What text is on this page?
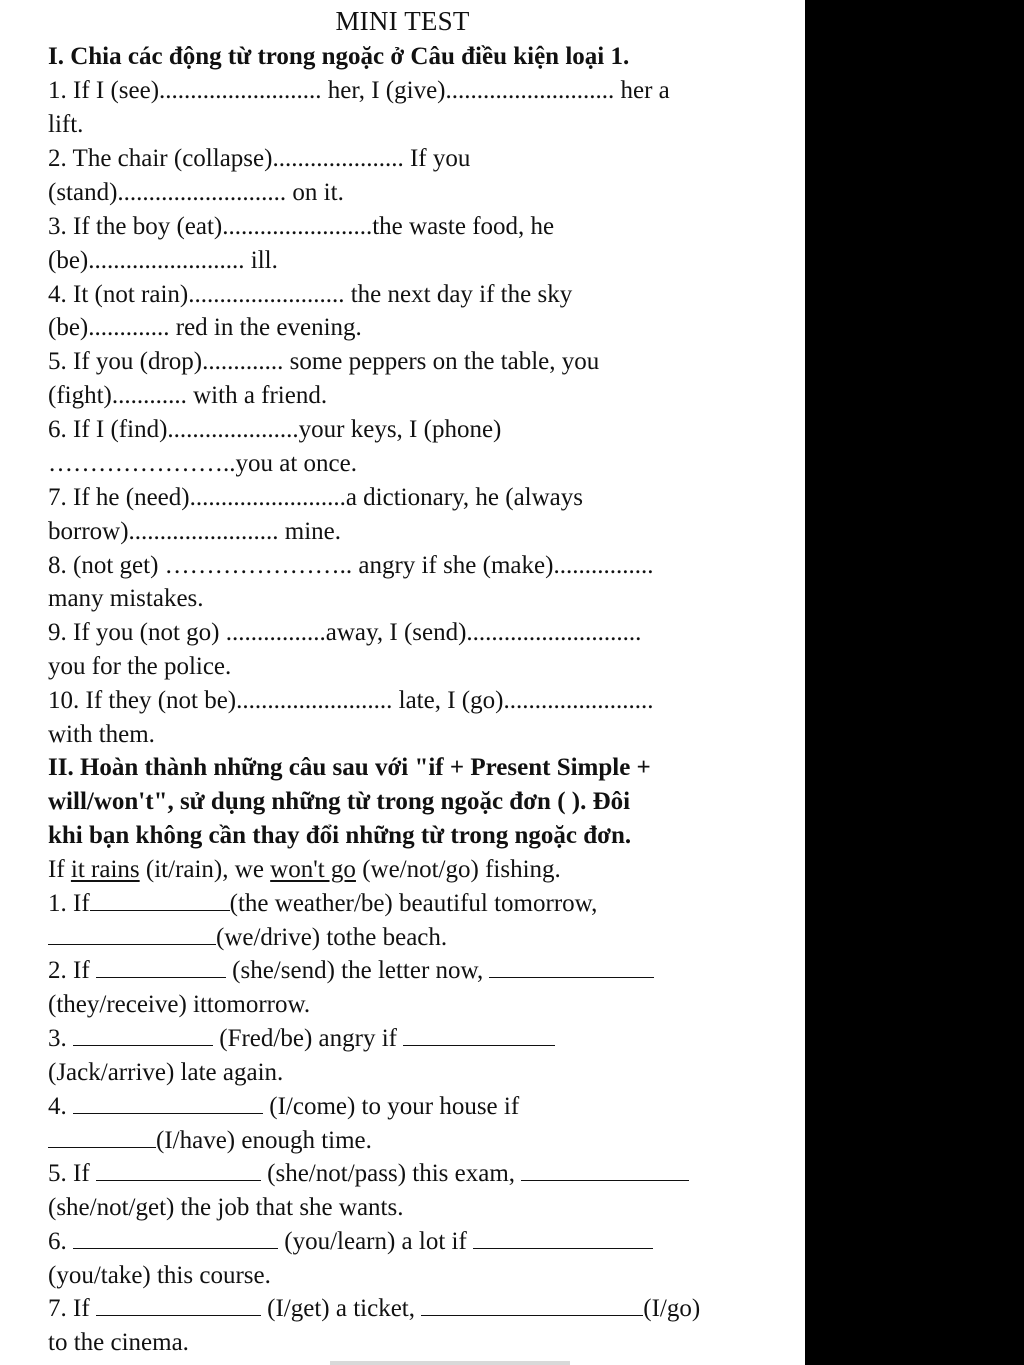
MINI TEST
I. Chia các động từ trong ngoặc ở Câu điều kiện loại 1.
1. If I (see).......................... her, I (give)........................... her a
lift.
2. The chair (collapse)..................... If you
(stand)........................... on it.
3. If the boy (eat)........................the waste food, he
(be)......................... ill.
4. It (not rain)......................... the next day if the sky
(be)............. red in the evening.
5. If you (drop)............. some peppers on the table, you
(fight)............ with a friend.
6. If I (find).....................your keys, I (phone)
…………………..you at once.
7. If he (need).........................a dictionary, he (always
borrow)........................ mine.
8. (not get) ………………….. angry if she (make)................
many mistakes.
9. If you (not go) ................away, I (send)............................
you for the police.
10. If they (not be)......................... late, I (go)........................
with them.
II. Hoàn thành những câu sau với "if + Present Simple +
will/won't", sử dụng những từ trong ngoặc đơn ( ). Đôi
khi bạn không cần thay đổi những từ trong ngoặc đơn.
If it rains (it/rain), we won't go (we/not/go) fishing.
1. If	(the weather/be) beautiful tomorrow,
(we/drive) tothe beach.
2. If	(she/send) the letter now,
(they/receive) ittomorrow.
3.	(Fred/be) angry if
(Jack/arrive) late again.
4.	(I/come) to your house if
(I/have) enough time.
5. If	(she/not/pass) this exam,
(she/not/get) the job that she wants.
6.	(you/learn) a lot if
(you/take) this course.
7. If	(I/get) a ticket,	(I/go)
to the cinema.
